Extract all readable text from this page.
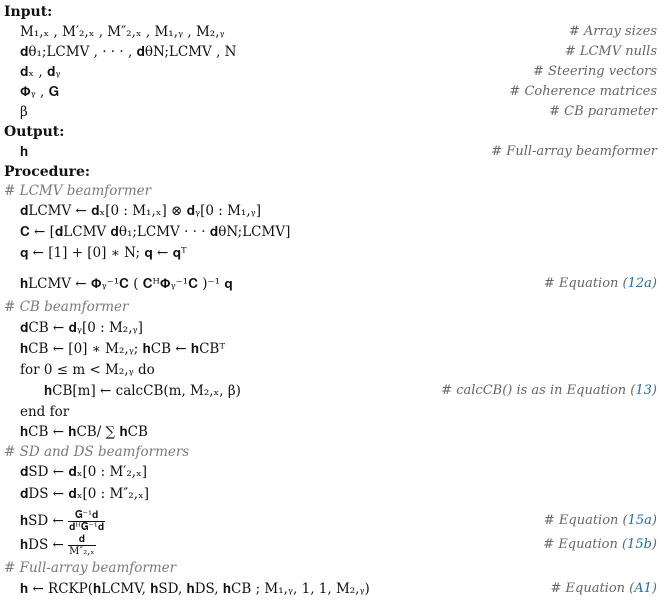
Input:
M₁,ₓ , M′₂,ₓ , M″₂,ₓ , M₁,ᵧ , M₂,ᵧ	# Array sizes
𝐝θ₁;LCMV , · · · , 𝐝θN;LCMV , N	# LCMV nulls
𝐝ₓ , 𝐝ᵧ	# Steering vectors
𝚽ᵧ , 𝐆	# Coherence matrices
β	# CB parameter
Output:
𝐡	# Full-array beamformer
Procedure:
# LCMV beamformer
𝐝LCMV ← 𝐝ₓ[0 : M₁,ₓ] ⊗ 𝐝ᵧ[0 : M₁,ᵧ]
𝐂 ← [𝐝LCMV 𝐝θ₁;LCMV · · · 𝐝θN;LCMV]
𝐪 ← [1] + [0] ∗ N; 𝐪 ← 𝐪ᵀ
𝐡LCMV ← 𝚽ᵧ⁻¹𝐂 ( 𝐂ᴴ𝚽ᵧ⁻¹𝐂 )⁻¹ 𝐪	# Equation (12a)
# CB beamformer
𝐝CB ← 𝐝ᵧ[0 : M₂,ᵧ]
𝐡CB ← [0] ∗ M₂,ᵧ; 𝐡CB ← 𝐡CBᵀ
for 0 ≤ m < M₂,ᵧ do
𝐡CB[m] ← calcCB(m, M₂,ₓ, β)	# calcCB() is as in Equation (13)
end for
𝐡CB ← 𝐡CB/ ∑ 𝐡CB
# SD and DS beamformers
𝐝SD ← 𝐝ₓ[0 : M′₂,ₓ]
𝐝DS ← 𝐝ₓ[0 : M″₂,ₓ]
𝐡SD ← $\frac{\text{𝐆⁻¹𝐝}}{\text{𝐝ᴴ𝐆⁻¹𝐝}}$	# Equation (15a)
𝐡DS ← $\frac{\text{𝐝}}{\text{M″₂,ₓ}}$	# Equation (15b)
# Full-array beamformer
𝐡 ← RCKP(𝐡LCMV, 𝐡SD, 𝐡DS, 𝐡CB ; M₁,ᵧ, 1, 1, M₂,ᵧ)	# Equation (A1)
